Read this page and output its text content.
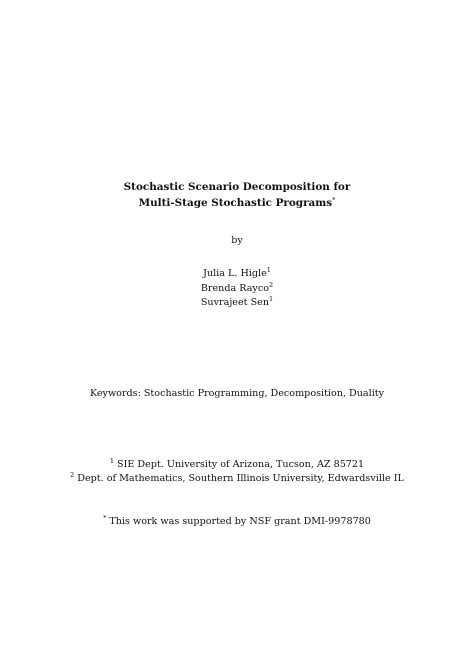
Stochastic Scenario Decomposition for
Multi-Stage Stochastic Programs*
by
Julia L. Higle$^1$
Brenda Rayco$^2$
Suvrajeet Sen$^1$
Keywords: Stochastic Programming, Decomposition, Duality
$^1$ SIE Dept. University of Arizona, Tucson, AZ 85721
$^2$ Dept. of Mathematics, Southern Illinois University, Edwardsville IL
* This work was supported by NSF grant DMI-9978780
